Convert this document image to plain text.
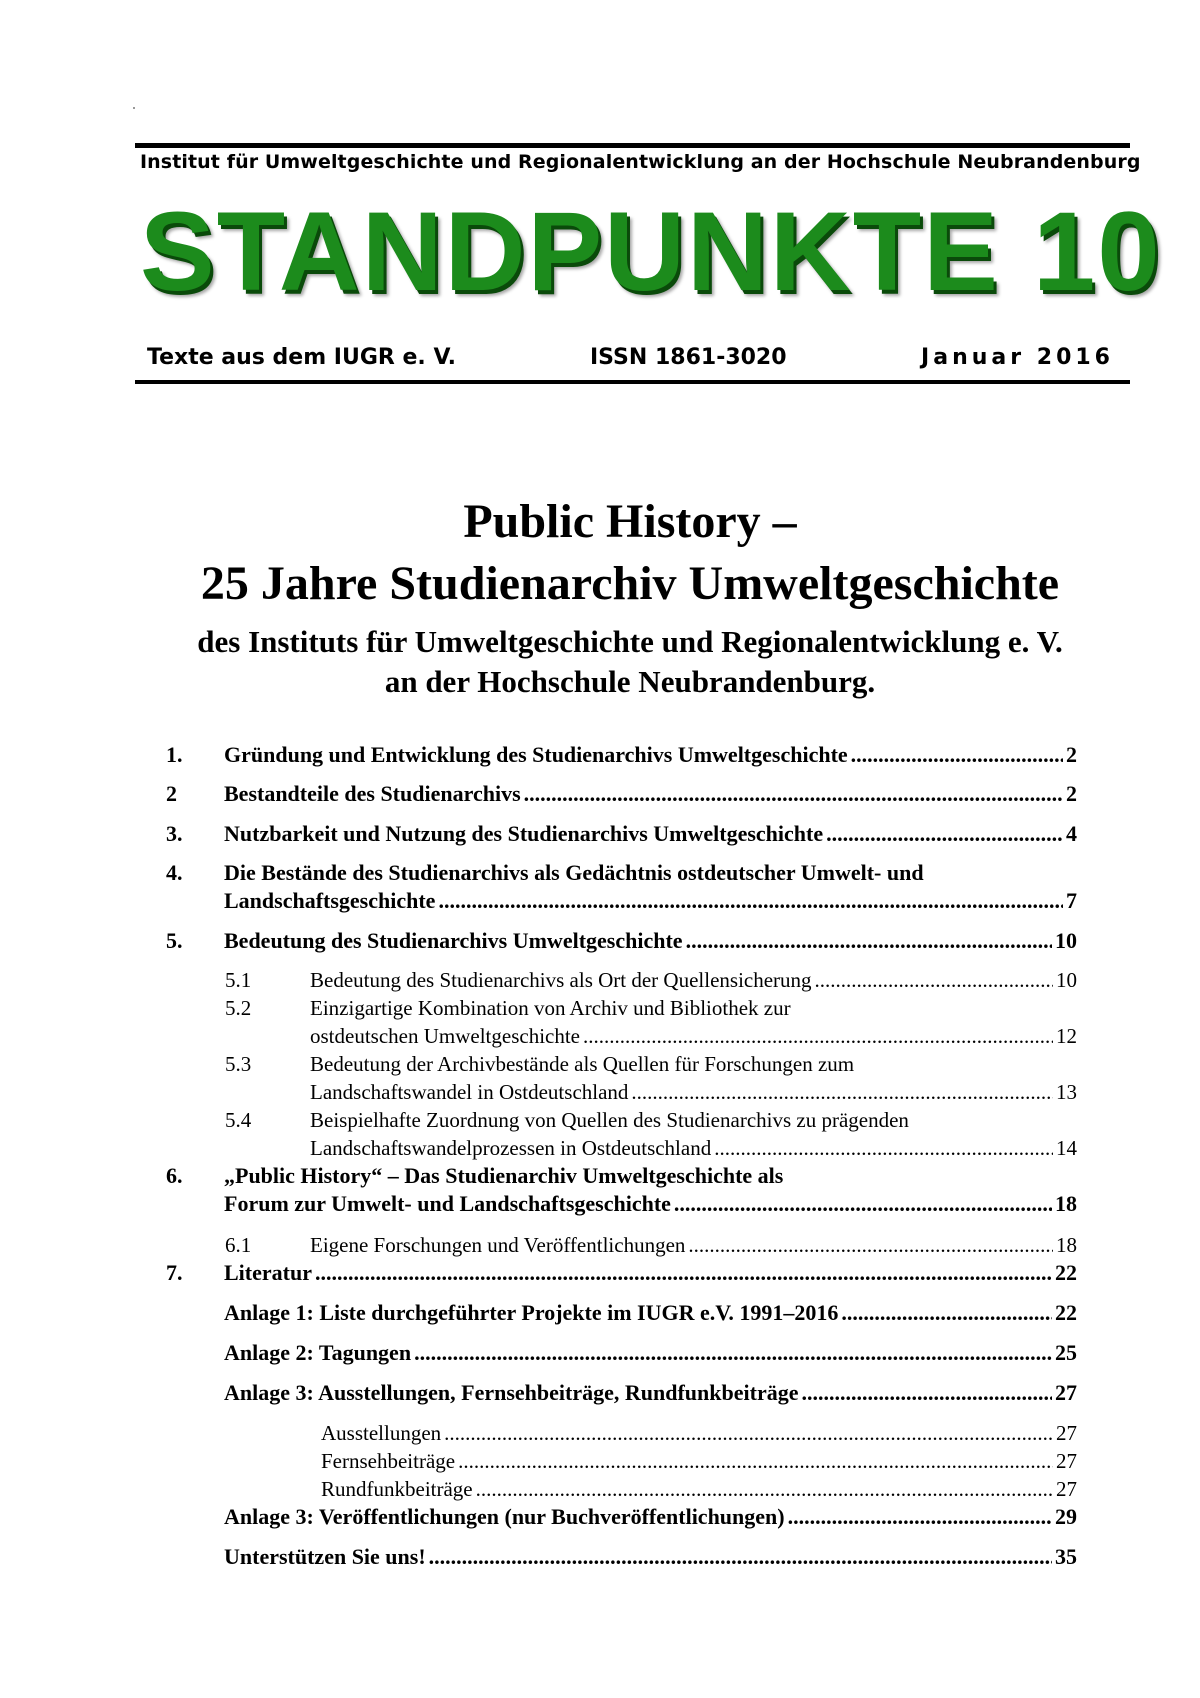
Institut für Umweltgeschichte und Regionalentwicklung an der Hochschule Neubrandenburg
STANDPUNKTE 10
Texte aus dem IUGR e. V.	ISSN 1861-3020	Januar 2016
Public History –
25 Jahre Studienarchiv Umweltgeschichte
des Instituts für Umweltgeschichte und Regionalentwicklung e. V.
an der Hochschule Neubrandenburg.
1. Gründung und Entwicklung des Studienarchivs Umweltgeschichte .....	2
2 Bestandteile des Studienarchivs .....	2
3. Nutzbarkeit und Nutzung des Studienarchivs Umweltgeschichte .....	4
4. Die Bestände des Studienarchivs als Gedächtnis ostdeutscher Umwelt- und
Landschaftsgeschichte .....	7
5. Bedeutung des Studienarchivs Umweltgeschichte .....	10
5.1	Bedeutung des Studienarchivs als Ort der Quellensicherung .....	10
5.2	Einzigartige Kombination von Archiv und Bibliothek zur
ostdeutschen Umweltgeschichte .....	12
5.3	Bedeutung der Archivbestände als Quellen für Forschungen zum
Landschaftswandel in Ostdeutschland .....	13
5.4	Beispielhafte Zuordnung von Quellen des Studienarchivs zu prägenden
Landschaftswandelprozessen in Ostdeutschland .....	14
6. „Public History“ – Das Studienarchiv Umweltgeschichte als
Forum zur Umwelt- und Landschaftsgeschichte .....	18
6.1	Eigene Forschungen und Veröffentlichungen .....	18
7. Literatur .....	22
Anlage 1: Liste durchgeführter Projekte im IUGR e.V. 1991–2016 .....	22
Anlage 2: Tagungen .....	25
Anlage 3: Ausstellungen, Fernsehbeiträge, Rundfunkbeiträge .....	27
Ausstellungen .....	27
Fernsehbeiträge .....	27
Rundfunkbeiträge .....	27
Anlage 3: Veröffentlichungen (nur Buchveröffentlichungen) .....	29
Unterstützen Sie uns! .....	35
